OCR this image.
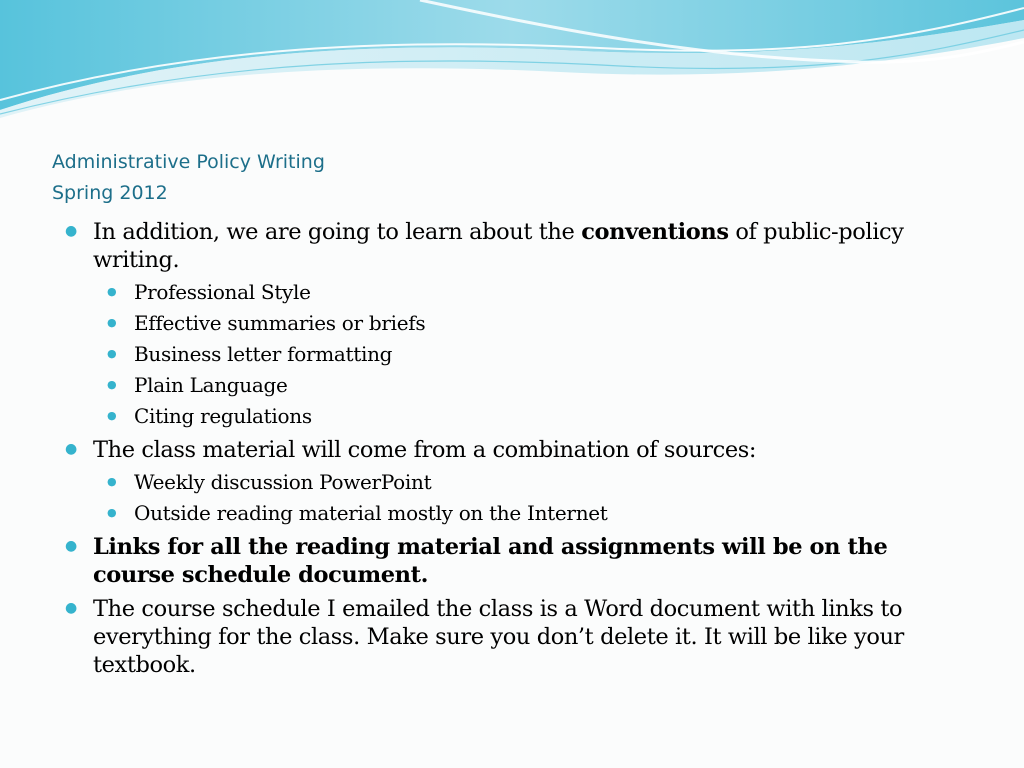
Administrative Policy Writing
Spring 2012
● In addition, we are going to learn about the conventions of public-policy writing.
● Professional Style
● Effective summaries or briefs
● Business letter formatting
● Plain Language
● Citing regulations
● The class material will come from a combination of sources:
● Weekly discussion PowerPoint
● Outside reading material mostly on the Internet
● Links for all the reading material and assignments will be on the course schedule document.
● The course schedule I emailed the class is a Word document with links to everything for the class. Make sure you don’t delete it. It will be like your textbook.
